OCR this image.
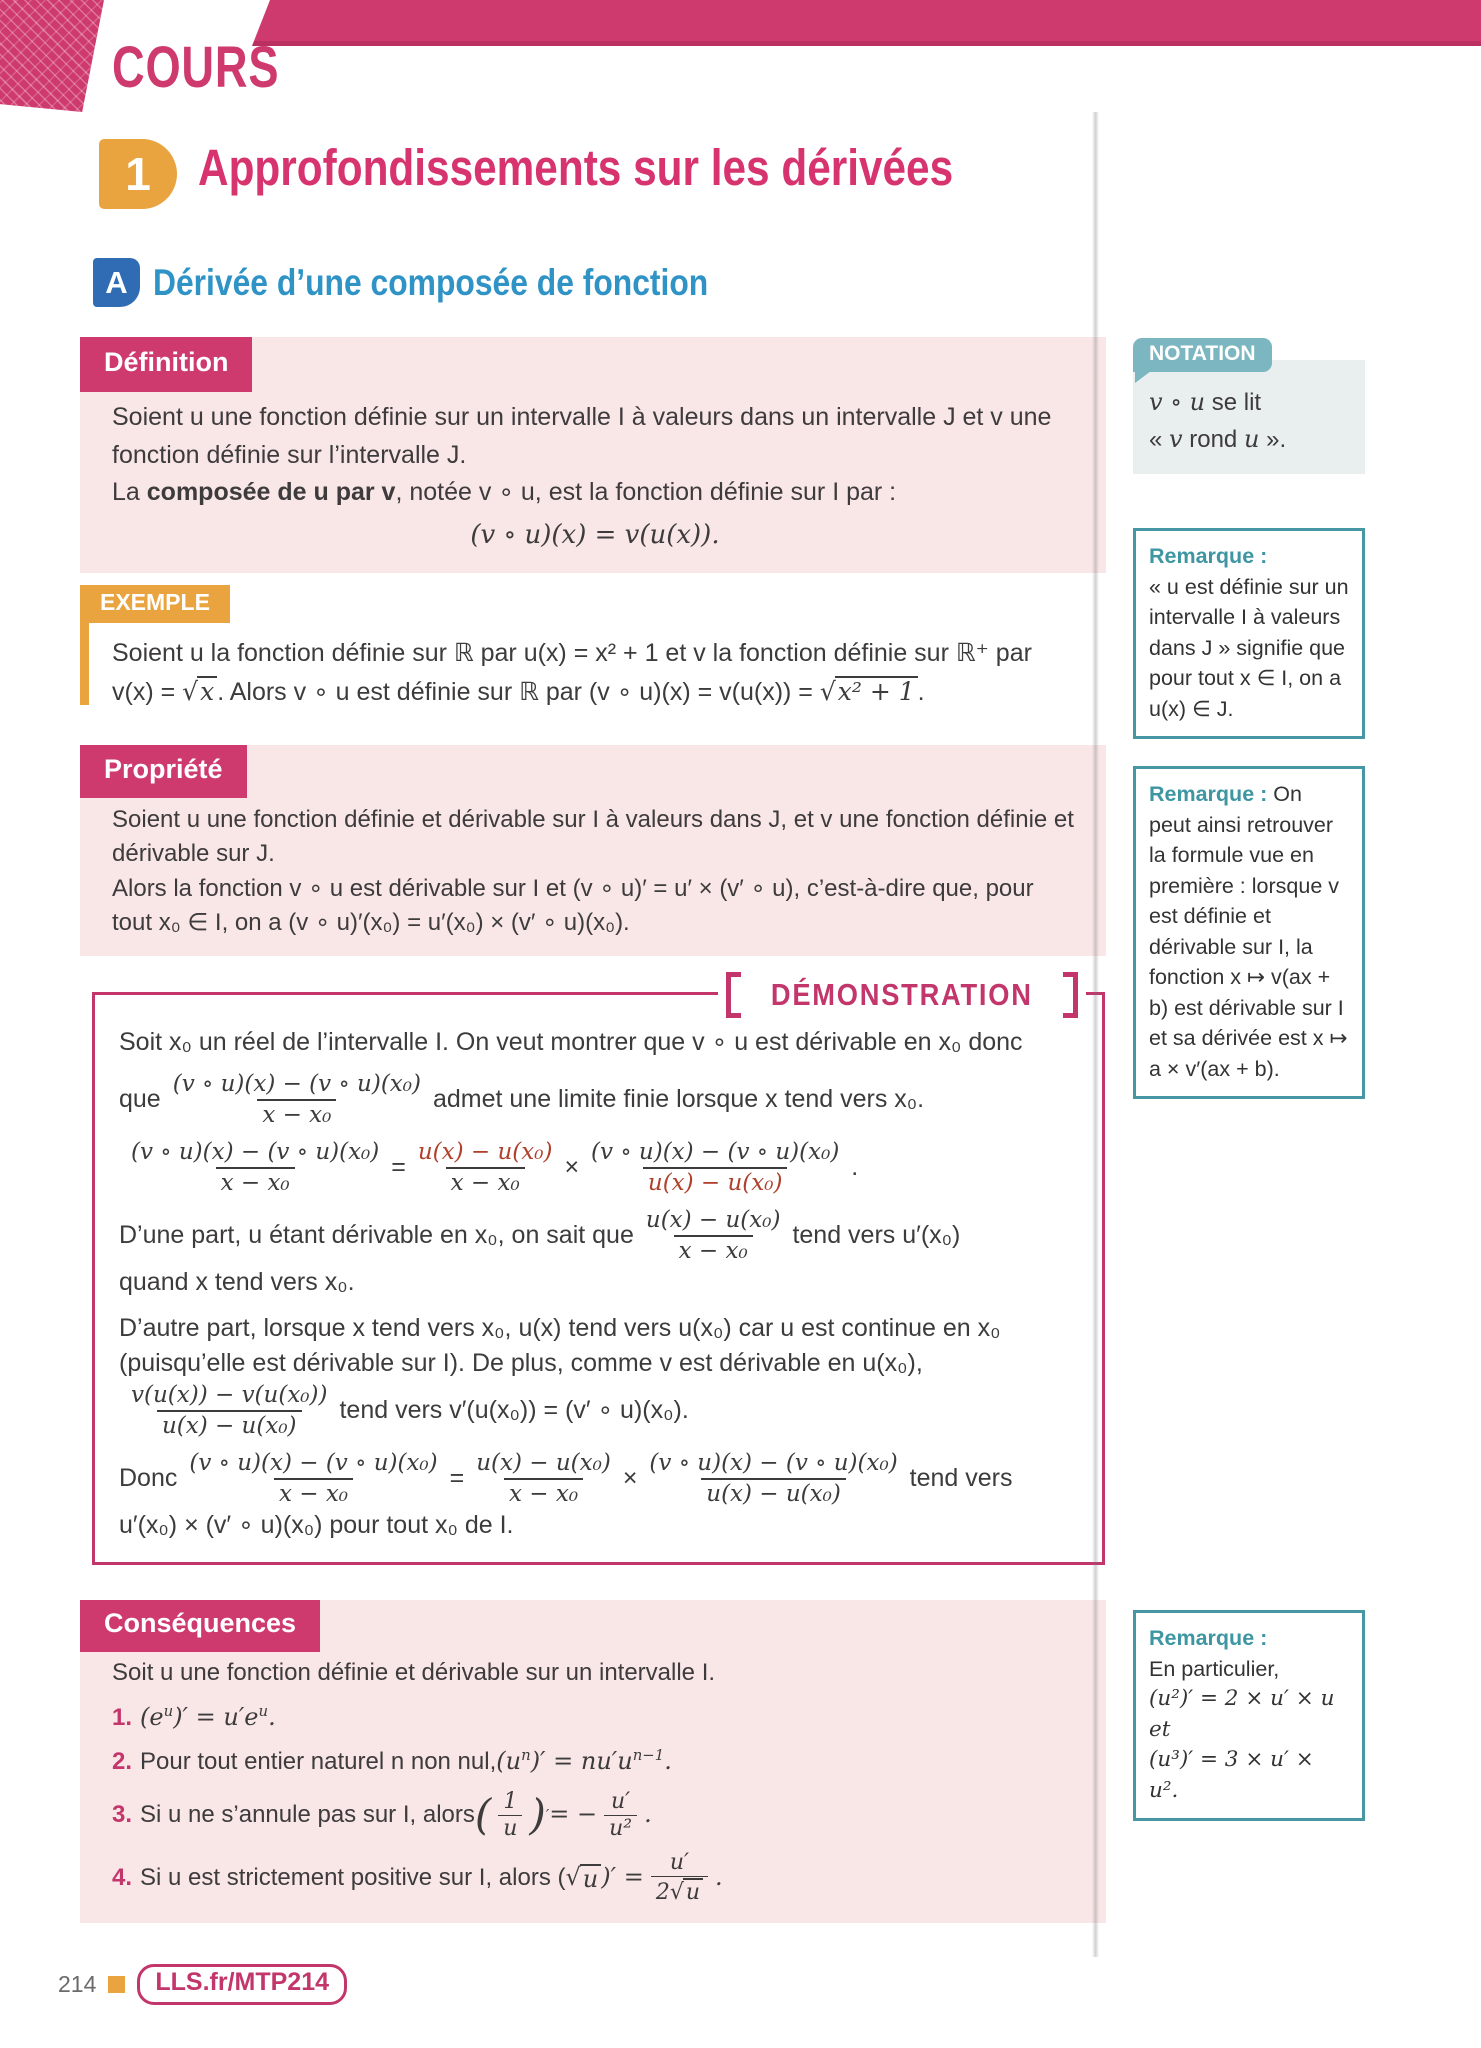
COURS
1 Approfondissements sur les dérivées
A Dérivée d’une composée de fonction
Définition
Soient u une fonction définie sur un intervalle I à valeurs dans un intervalle J et v une fonction définie sur l’intervalle J.
La composée de u par v, notée v ∘ u, est la fonction définie sur I par :
(v ∘ u)(x) = v(u(x)).
NOTATION
v ∘ u se lit
« v rond u ».
EXEMPLE
Soient u la fonction définie sur ℝ par u(x) = x² + 1 et v la fonction définie sur ℝ⁺ par
v(x) = √x . Alors v ∘ u est définie sur ℝ par (v ∘ u)(x) = v(u(x)) = √x² + 1 .
Propriété
Soient u une fonction définie et dérivable sur I à valeurs dans J, et v une fonction définie et dérivable sur J.
Alors la fonction v ∘ u est dérivable sur I et (v ∘ u)′ = u′ × (v′ ∘ u), c’est-à-dire que, pour tout x₀ ∈ I, on a (v ∘ u)′(x₀) = u′(x₀) × (v′ ∘ u)(x₀).
Remarque :
« u est définie sur un intervalle I à valeurs dans J » signifie que pour tout x ∈ I, on a u(x) ∈ J.
Remarque : On peut ainsi retrouver la formule vue en première : lorsque v est définie et dérivable sur I, la fonction x ↦ v(ax + b) est dérivable sur I et sa dérivée est x ↦ a × v′(ax + b).
DÉMONSTRATION
Soit x₀ un réel de l’intervalle I. On veut montrer que v ∘ u est dérivable en x₀ donc
que $\frac{\text{(v ∘ u)(x) − (v ∘ u)(x₀)}}{\text{x − x₀}}$ admet une limite finie lorsque x tend vers x₀.
$\frac{\text{(v ∘ u)(x) − (v ∘ u)(x₀)}}{\text{x − x₀}} = \frac{\text{u(x) − u(x₀)}}{\text{x − x₀}} \times \frac{\text{(v ∘ u)(x) − (v ∘ u)(x₀)}}{\text{u(x) − u(x₀)}}$ .
D’une part, u étant dérivable en x₀, on sait que $\frac{\text{u(x) − u(x₀)}}{\text{x − x₀}}$ tend vers u′(x₀)
quand x tend vers x₀.
D’autre part, lorsque x tend vers x₀, u(x) tend vers u(x₀) car u est continue en x₀ (puisqu’elle est dérivable sur I). De plus, comme v est dérivable en u(x₀),
$\frac{\text{v(u(x)) − v(u(x₀))}}{\text{u(x) − u(x₀)}}$ tend vers v′(u(x₀)) = (v′ ∘ u)(x₀).
Donc $\frac{\text{(v ∘ u)(x) − (v ∘ u)(x₀)}}{\text{x − x₀}} = \frac{\text{u(x) − u(x₀)}}{\text{x − x₀}} \times \frac{\text{(v ∘ u)(x) − (v ∘ u)(x₀)}}{\text{u(x) − u(x₀)}}$ tend vers
u′(x₀) × (v′ ∘ u)(x₀) pour tout x₀ de I.
Conséquences
Soit u une fonction définie et dérivable sur un intervalle I.
1. $(e^u)' = u'e^u$.
2. Pour tout entier naturel n non nul, $(u^n)' = nu'u^{n-1}$.
3. Si u ne s’annule pas sur I, alors ( $\frac{1}{u}$ ) ′ = − $\frac{u'}{\text{u²}}$ .
4. Si u est strictement positive sur I, alors ( √ u )′ = $\frac{u'}{2√u}$ .
Remarque :
En particulier,
(u²)′ = 2 × u′ × u et
(u³)′ = 3 × u′ × u².
214	LLS.fr/MTP214
